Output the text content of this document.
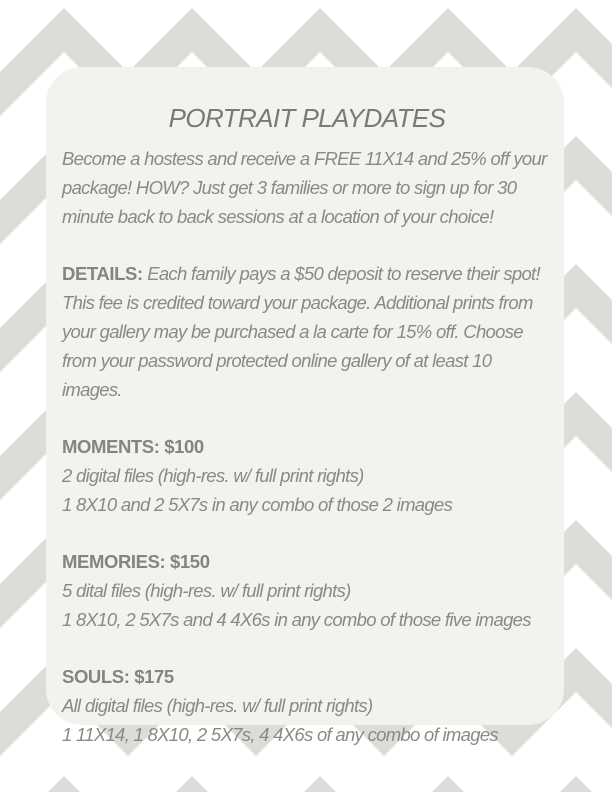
PORTRAIT PLAYDATES

Become a hostess and receive a FREE 11X14 and 25% off your package! HOW? Just get 3 families or more to sign up for 30 minute back to back sessions at a location of your choice!

DETAILS: Each family pays a $50 deposit to reserve their spot! This fee is credited toward your package. Additional prints from your gallery may be purchased a la carte for 15% off. Choose from your password protected online gallery of at least 10 images.

MOMENTS: $100
2 digital files (high-res. w/ full print rights)
1 8X10 and 2 5X7s in any combo of those 2 images
MEMORIES: $150
5 dital files (high-res. w/ full print rights)
1 8X10, 2 5X7s and 4 4X6s in any combo of those five images
SOULS: $175
All digital files (high-res. w/ full print rights)
1 11X14, 1 8X10, 2 5X7s, 4 4X6s of any combo of images
